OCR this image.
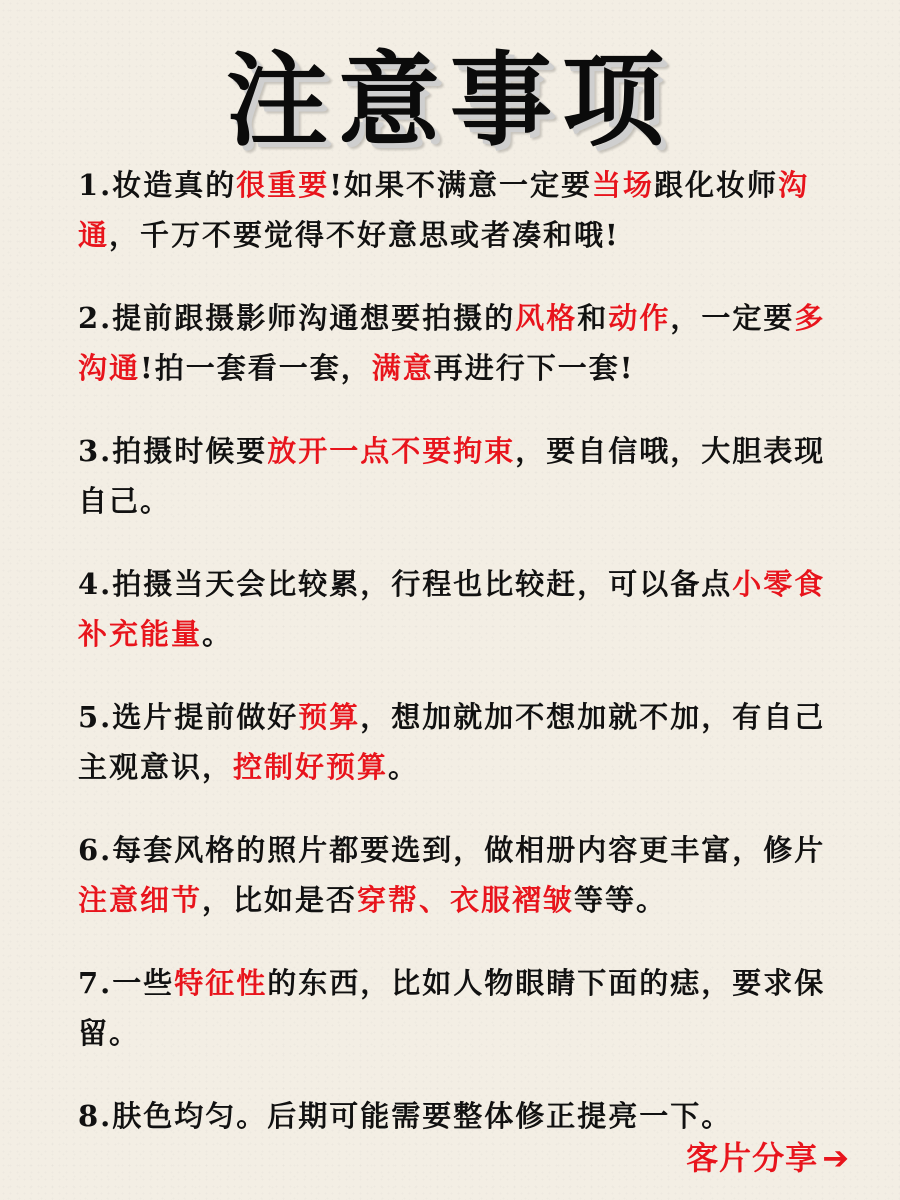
注意事项
1.妆造真的很重要!如果不满意一定要当场跟化妆师沟通，千万不要觉得不好意思或者凑和哦!
2.提前跟摄影师沟通想要拍摄的风格和动作，一定要多沟通!拍一套看一套，满意再进行下一套!
3.拍摄时候要放开一点不要拘束，要自信哦，大胆表现自己。
4.拍摄当天会比较累，行程也比较赶，可以备点小零食补充能量。
5.选片提前做好预算，想加就加不想加就不加，有自己主观意识，控制好预算。
6.每套风格的照片都要选到，做相册内容更丰富，修片注意细节，比如是否穿帮、衣服褶皱等等。
7.一些特征性的东西，比如人物眼睛下面的痣，要求保留。
8.肤色均匀。后期可能需要整体修正提亮一下。
客片分享 ➔
